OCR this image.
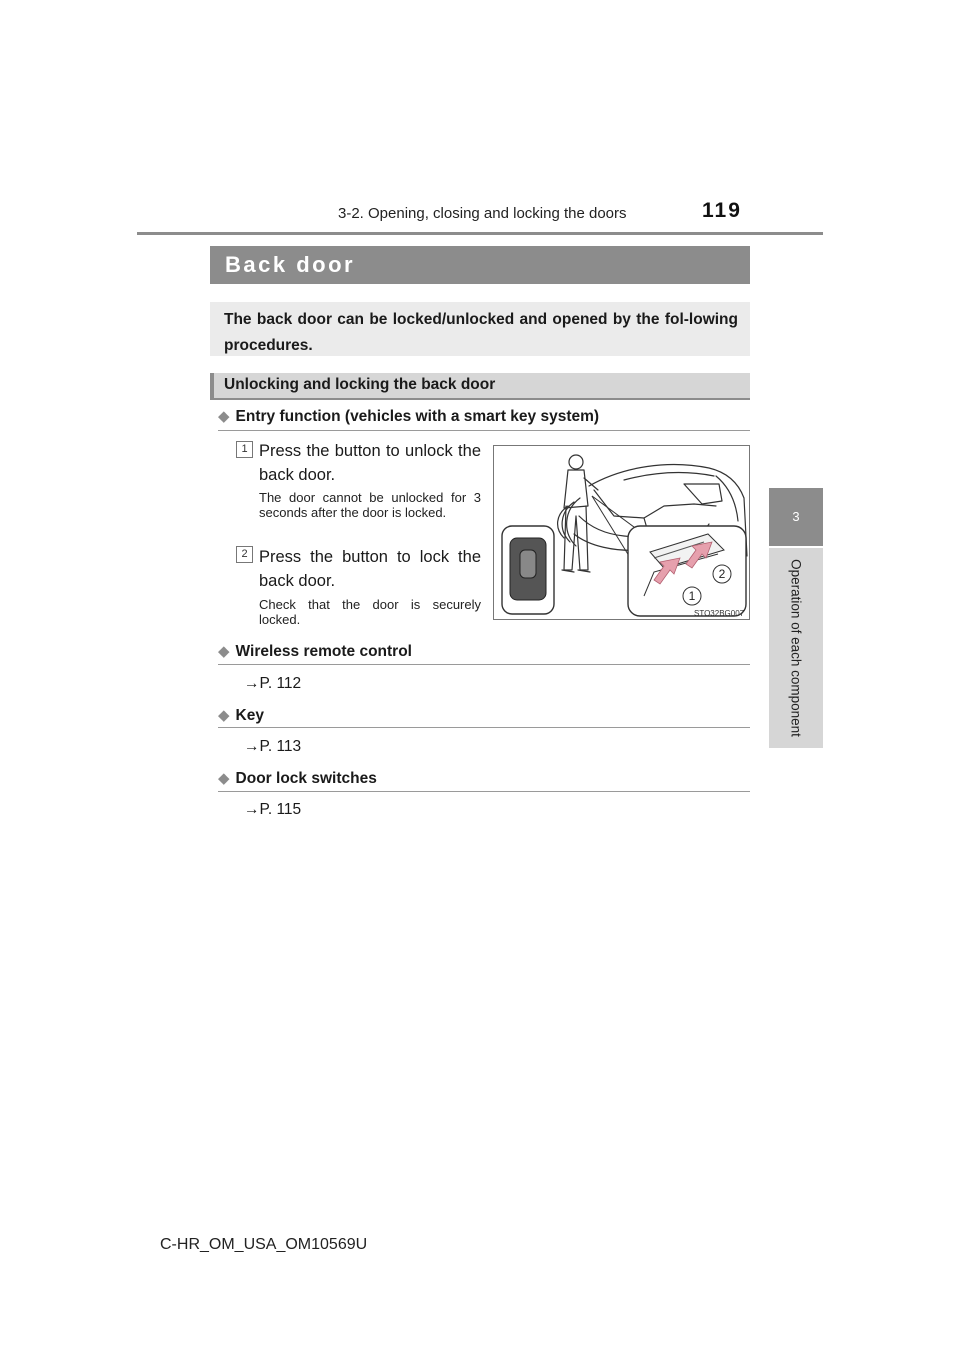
3-2. Opening, closing and locking the doors	119
3
Operation of each component
Back door

The back door can be locked/unlocked and opened by the fol-lowing procedures.

Unlocking and locking the back door
◆ Entry function (vehicles with a smart key system)
1 Press the button to unlock the back door.
The door cannot be unlocked for 3 seconds after the door is locked.
2 Press the button to lock the back door.
Check that the door is securely locked.
1
2
STO32BG007
◆ Wireless remote control
→P. 112
◆ Key
→P. 113
◆ Door lock switches
→P. 115
C-HR_OM_USA_OM10569U
